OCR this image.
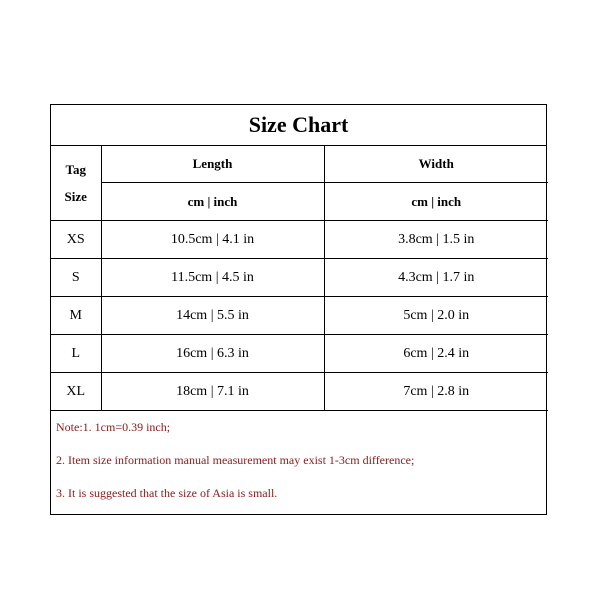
Size Chart
Tag
Size	Length	Width
	cm | inch	cm | inch
XS	10.5cm | 4.1 in	3.8cm | 1.5 in
S	11.5cm | 4.5 in	4.3cm | 1.7 in
M	14cm | 5.5 in	5cm | 2.0 in
L	16cm | 6.3 in	6cm | 2.4 in
XL	18cm | 7.1 in	7cm | 2.8 in
Note:1. 1cm=0.39 inch;
2. Item size information manual measurement may exist 1-3cm difference;
3. It is suggested that the size of Asia is small.
